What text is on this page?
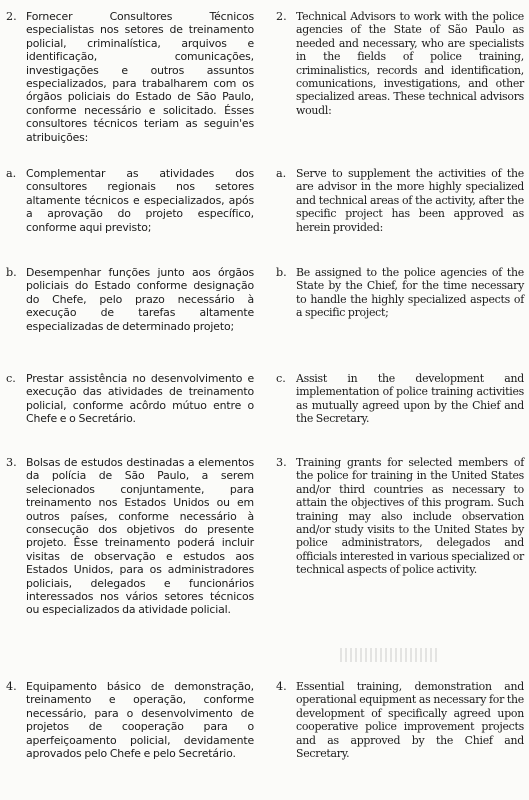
2. Fornecer Consultores Técnicos especialistas nos setores de treinamento policial, criminalística, arquivos e identificação, comunicações, investigações e outros assuntos especializados, para trabalharem com os órgãos policiais do Estado de São Paulo, conforme necessário e solicitado. Ésses consultores técnicos teriam as seguin'es atribuições:

a. Complementar as atividades dos consultores regionais nos setores altamente técnicos e especializados, após a aprovação do projeto específico, conforme aqui previsto;

b. Desempenhar funções junto aos órgãos policiais do Estado conforme designação do Chefe, pelo prazo necessário à execução de tarefas altamente especializadas de determinado projeto;

c. Prestar assistência no desenvolvimento e execução das atividades de treinamento policial, conforme acôrdo mútuo entre o Chefe e o Secretário.

3. Bolsas de estudos destinadas a elementos da polícia de São Paulo, a serem selecionados conjuntamente, para treinamento nos Estados Unidos ou em outros países, conforme necessário à consecução dos objetivos do presente projeto. Êsse treinamento poderá incluir visitas de observação e estudos aos Estados Unidos, para os administradores policiais, delegados e funcionários interessados nos vários setores técnicos ou especializados da atividade policial.

4. Equipamento básico de demonstração, treinamento e operação, conforme necessário, para o desenvolvimento de projetos de cooperação para o aperfeiçoamento policial, devidamente aprovados pelo Chefe e pelo Secretário.

2. Technical Advisors to work with the police agencies of the State of São Paulo as needed and necessary, who are specialists in the fields of police training, criminalistics, records and identification, comunications, investigations, and other specialized areas. These technical advisors woudl:

a. Serve to supplement the activities of the are advisor in the more highly specialized and technical areas of the activity, after the specific project has been approved as herein provided:

b. Be assigned to the police agencies of the State by the Chief, for the time necessary to handle the highly specialized aspects of a specific project;

c. Assist in the development and implementation of police training activities as mutually agreed upon by the Chief and the Secretary.

3. Training grants for selected members of the police for training in the United States and/or third countries as necessary to attain the objectives of this program. Such training may also include observation and/or study visits to the United States by police administrators, delegados and officials interested in various specialized or technical aspects of police activity.

4. Essential training, demonstration and operational equipment as necessary for the development of specifically agreed upon cooperative police improvement projects and as approved by the Chief and Secretary.
